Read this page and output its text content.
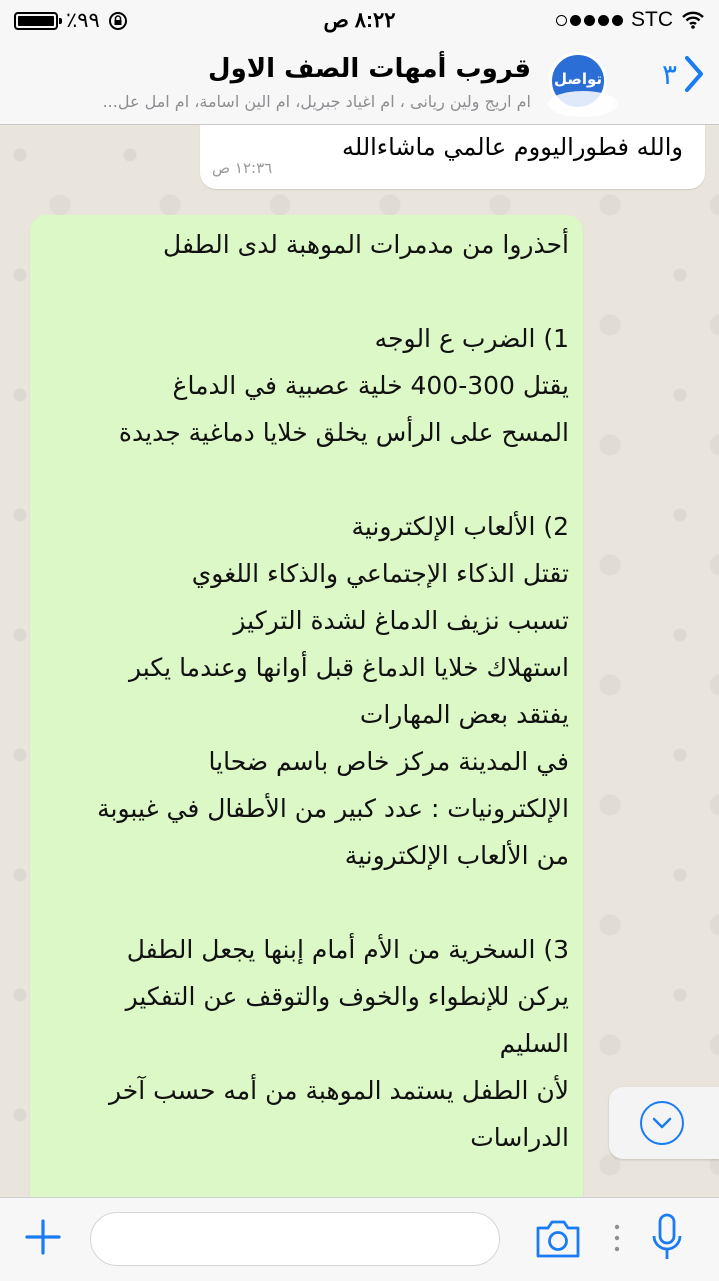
٪٩٩	٨:٢٢ ص	STC
٣
تواصل
قروب أمهات الصف الاول
ام اريج ولين ريانى ، ام اغياد جبريل، ام الين اسامة، ام امل عل...
والله فطوراليووم عالمي ماشاءالله
١٢:٣٦ ص
أحذروا من مدمرات الموهبة لدى الطفل
1) الضرب ع الوجه
يقتل 300-400 خلية عصبية في الدماغ
المسح على الرأس يخلق خلايا دماغية جديدة
2) الألعاب الإلكترونية
تقتل الذكاء الإجتماعي والذكاء اللغوي
تسبب نزيف الدماغ لشدة التركيز
استهلاك خلايا الدماغ قبل أوانها وعندما يكبر
يفتقد بعض المهارات
في المدينة مركز خاص باسم ضحايا
الإلكترونيات : عدد كبير من الأطفال في غيبوبة
من الألعاب الإلكترونية
3) السخرية من الأم أمام إبنها يجعل الطفل
يركن للإنطواء والخوف والتوقف عن التفكير
السليم
لأن الطفل يستمد الموهبة من أمه حسب آخر
الدراسات
